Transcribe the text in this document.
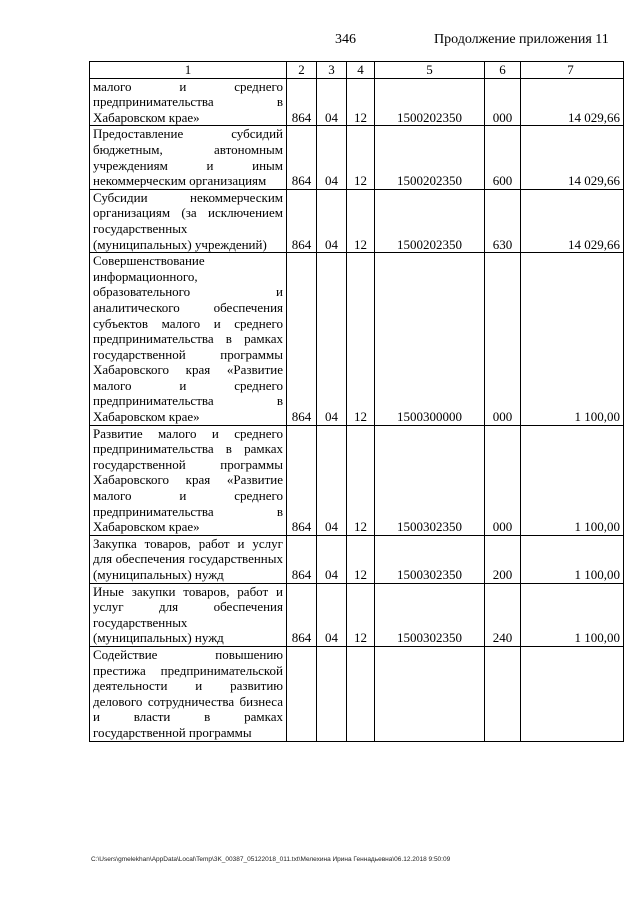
346	Продолжение приложения 11
1	2	3	4	5	6	7
малого и среднего предпринимательства в Хабаровском крае»	864	04	12	1500202350	000	14 029,66
Предоставление субсидий бюджетным, автономным учреждениям и иным некоммерческим организациям	864	04	12	1500202350	600	14 029,66
Субсидии некоммерческим организациям (за исключением государственных (муниципальных) учреждений)	864	04	12	1500202350	630	14 029,66
Совершенствование информационного, образовательного и аналитического обеспечения субъектов малого и среднего предпринимательства в рамках государственной программы Хабаровского края «Развитие малого и среднего предпринимательства в Хабаровском крае»	864	04	12	1500300000	000	1 100,00
Развитие малого и среднего предпринимательства в рамках государственной программы Хабаровского края «Развитие малого и среднего предпринимательства в Хабаровском крае»	864	04	12	1500302350	000	1 100,00
Закупка товаров, работ и услуг для обеспечения государственных (муниципальных) нужд	864	04	12	1500302350	200	1 100,00
Иные закупки товаров, работ и услуг для обеспечения государственных (муниципальных) нужд	864	04	12	1500302350	240	1 100,00
Содействие повышению престижа предпринимательской деятельности и развитию делового сотрудничества бизнеса и власти в рамках государственной программы						
C:\Users\gmelekhan\AppData\Local\Temp\3K_00387_05122018_011.txt\Мелехина Ирина Геннадьевна\06.12.2018 9:50:09
